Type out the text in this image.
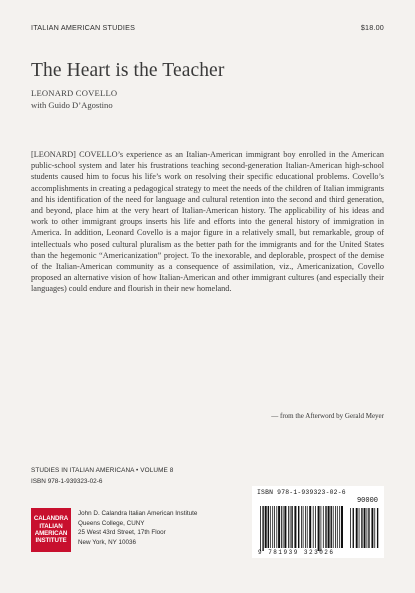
ITALIAN AMERICAN STUDIES	$18.00
The Heart is the Teacher
LEONARD COVELLO
with Guido D’Agostino

[LEONARD] COVELLO’s experience as an Italian-American immigrant boy enrolled in the American public-school system and later his frustrations teaching second-generation Italian-American high-school students caused him to focus his life’s work on resolving their specific educational problems. Covello’s accomplishments in creating a pedagogical strategy to meet the needs of the children of Italian immigrants and his identification of the need for language and cultural retention into the second and third generation, and beyond, place him at the very heart of Italian-American history. The applicability of his ideas and work to other immigrant groups inserts his life and efforts into the general history of immigration in America. In addition, Leonard Covello is a major figure in a relatively small, but remarkable, group of intellectuals who posed cultural pluralism as the better path for the immigrants and for the United States than the hegemonic “Americanization” project. To the inexorable, and deplorable, prospect of the demise of the Italian-American community as a consequence of assimilation, viz., Americanization, Covello proposed an alternative vision of how Italian-American and other immigrant cultures (and especially their languages) could endure and flourish in their new homeland.

— from the Afterword by Gerald Meyer
STUDIES IN ITALIAN AMERICANA • VOLUME 8
ISBN 978-1-939323-02-6
CALANDRA
ITALIAN
AMERICAN
INSTITUTE
John D. Calandra Italian American Institute
Queens College, CUNY
25 West 43rd Street, 17th Floor
New York, NY 10036
ISBN 978-1-939323-02-6
90000
9 781939 323026
